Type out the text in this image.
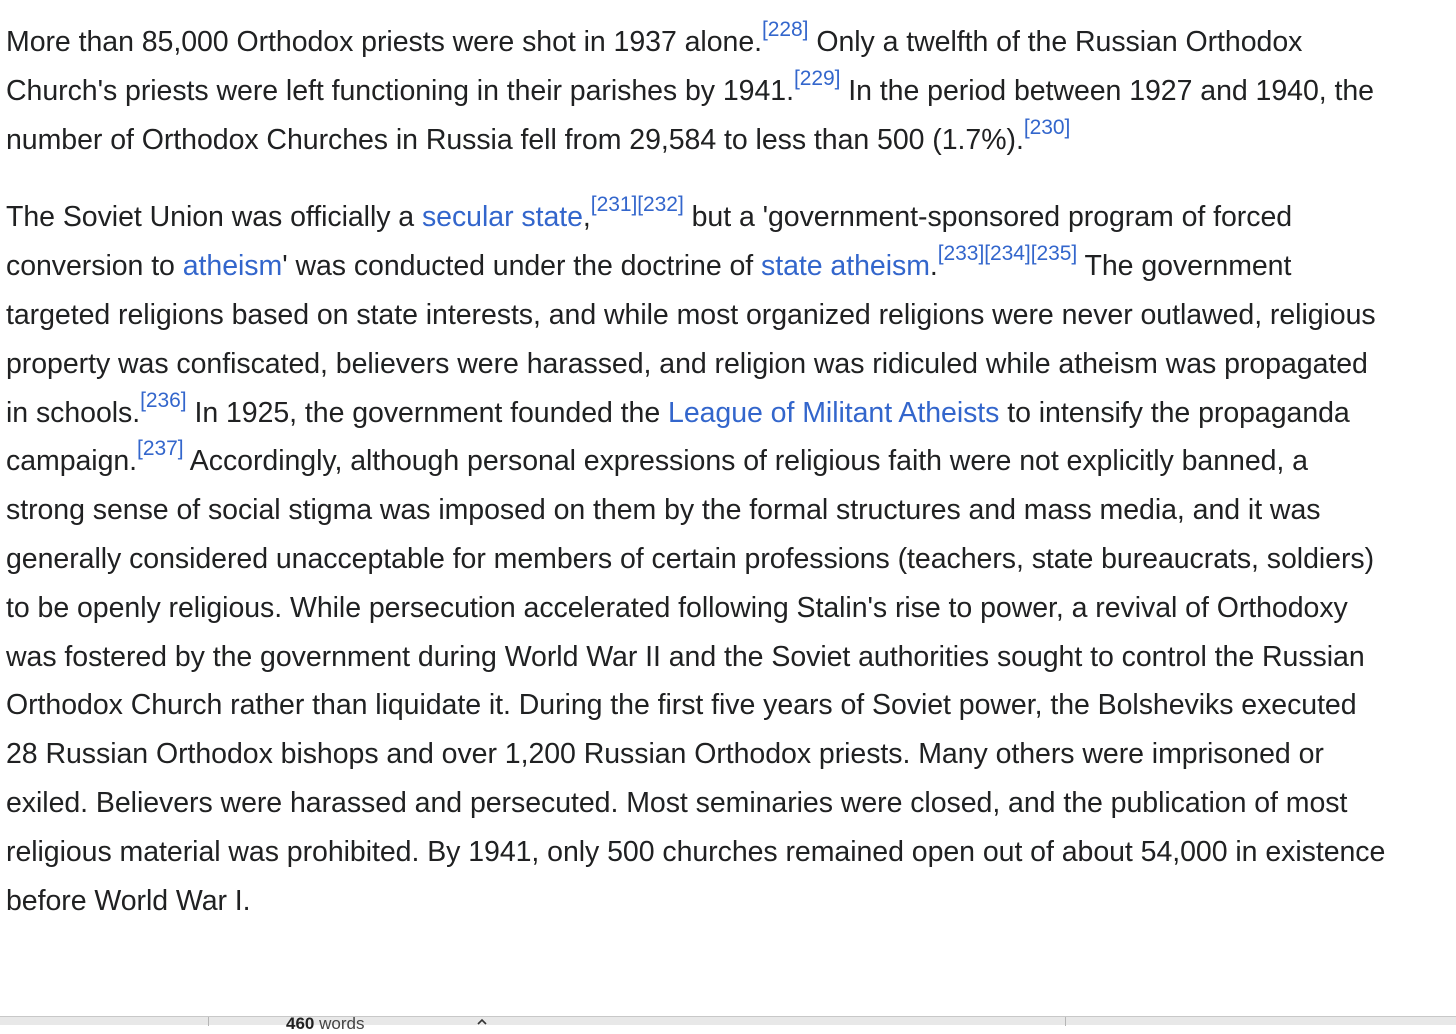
More than 85,000 Orthodox priests were shot in 1937 alone.[228] Only a twelfth of the Russian Orthodox Church's priests were left functioning in their parishes by 1941.[229] In the period between 1927 and 1940, the number of Orthodox Churches in Russia fell from 29,584 to less than 500 (1.7%).[230]

The Soviet Union was officially a secular state,[231][232] but a 'government-sponsored program of forced conversion to atheism' was conducted under the doctrine of state atheism.[233][234][235] The government targeted religions based on state interests, and while most organized religions were never outlawed, religious property was confiscated, believers were harassed, and religion was ridiculed while atheism was propagated in schools.[236] In 1925, the government founded the League of Militant Atheists to intensify the propaganda campaign.[237] Accordingly, although personal expressions of religious faith were not explicitly banned, a strong sense of social stigma was imposed on them by the formal structures and mass media, and it was generally considered unacceptable for members of certain professions (teachers, state bureaucrats, soldiers) to be openly religious. While persecution accelerated following Stalin's rise to power, a revival of Orthodoxy was fostered by the government during World War II and the Soviet authorities sought to control the Russian Orthodox Church rather than liquidate it. During the first five years of Soviet power, the Bolsheviks executed 28 Russian Orthodox bishops and over 1,200 Russian Orthodox priests. Many others were imprisoned or exiled. Believers were harassed and persecuted. Most seminaries were closed, and the publication of most religious material was prohibited. By 1941, only 500 churches remained open out of about 54,000 in existence before World War I.

460 words
